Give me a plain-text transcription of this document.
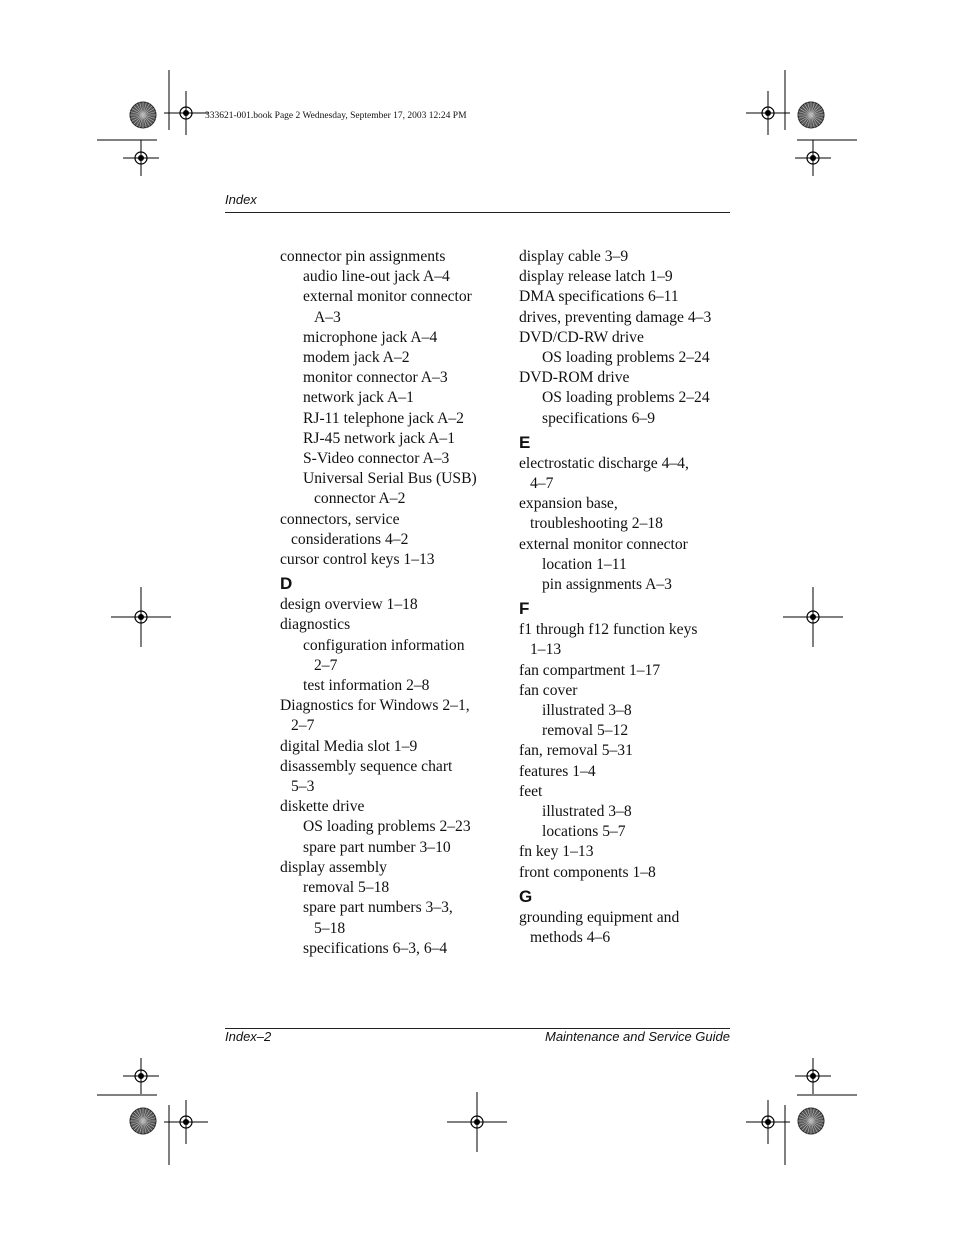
333621-001.book Page 2 Wednesday, September 17, 2003 12:24 PM
Index
connector pin assignments
audio line-out jack A–4
external monitor connector
A–3
microphone jack A–4
modem jack A–2
monitor connector A–3
network jack A–1
RJ-11 telephone jack A–2
RJ-45 network jack A–1
S-Video connector A–3
Universal Serial Bus (USB)
connector A–2
connectors, service
considerations 4–2
cursor control keys 1–13
D
design overview 1–18
diagnostics
configuration information
2–7
test information 2–8
Diagnostics for Windows 2–1,
2–7
digital Media slot 1–9
disassembly sequence chart
5–3
diskette drive
OS loading problems 2–23
spare part number 3–10
display assembly
removal 5–18
spare part numbers 3–3,
5–18
specifications 6–3, 6–4
display cable 3–9
display release latch 1–9
DMA specifications 6–11
drives, preventing damage 4–3
DVD/CD-RW drive
OS loading problems 2–24
DVD-ROM drive
OS loading problems 2–24
specifications 6–9
E
electrostatic discharge 4–4,
4–7
expansion base,
troubleshooting 2–18
external monitor connector
location 1–11
pin assignments A–3
F
f1 through f12 function keys
1–13
fan compartment 1–17
fan cover
illustrated 3–8
removal 5–12
fan, removal 5–31
features 1–4
feet
illustrated 3–8
locations 5–7
fn key 1–13
front components 1–8
G
grounding equipment and
methods 4–6
Index–2	Maintenance and Service Guide
